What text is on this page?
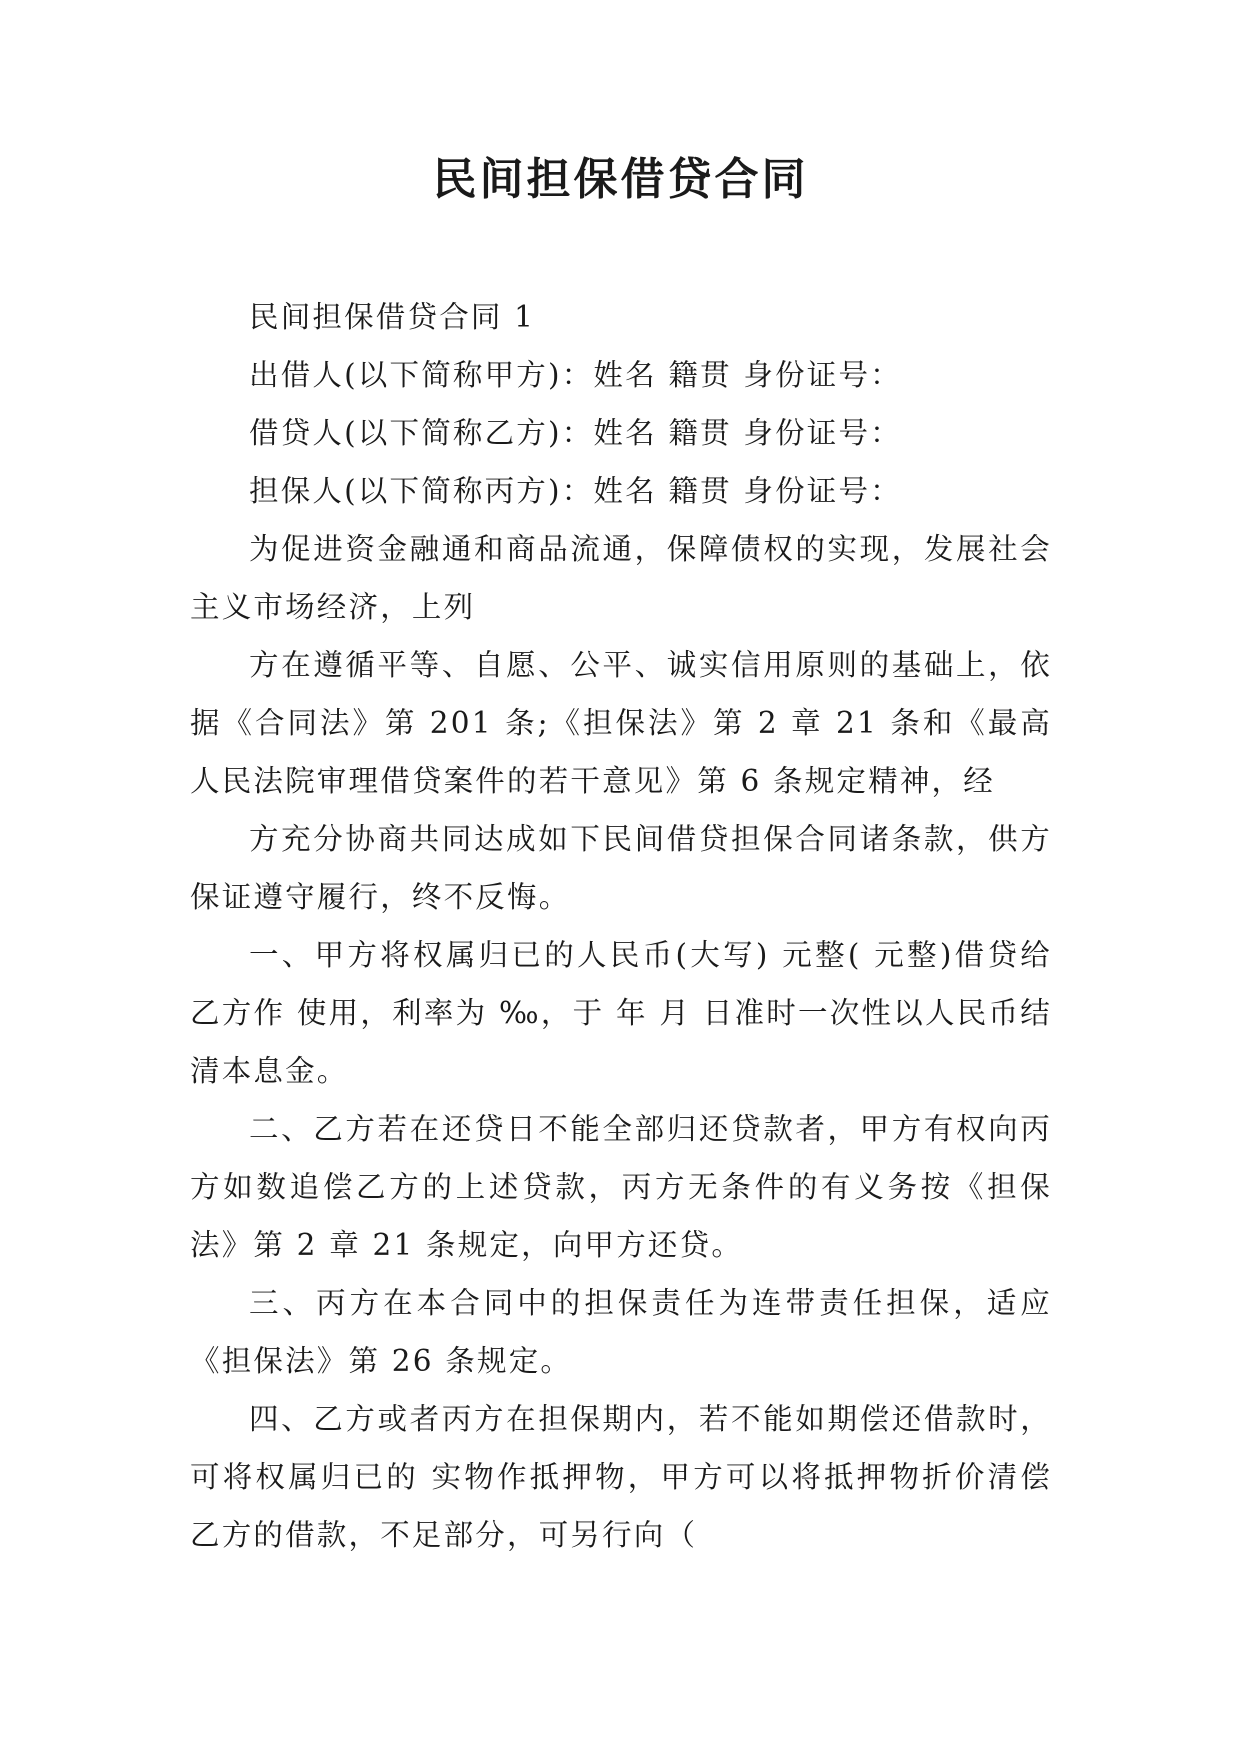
民间担保借贷合同

民间担保借贷合同 1

出借人(以下简称甲方)：姓名 籍贯 身份证号：

借贷人(以下简称乙方)：姓名 籍贯 身份证号：

担保人(以下简称丙方)：姓名 籍贯 身份证号：

为促进资金融通和商品流通，保障债权的实现，发展社会主义市场经济，上列

方在遵循平等、自愿、公平、诚实信用原则的基础上，依据《合同法》第 201 条;《担保法》第 2 章 21 条和《最高人民法院审理借贷案件的若干意见》第 6 条规定精神，经

方充分协商共同达成如下民间借贷担保合同诸条款，供方保证遵守履行，终不反悔。

一、甲方将权属归已的人民币(大写) 元整( 元整)借贷给乙方作 使用，利率为 ‰，于 年 月 日准时一次性以人民币结清本息金。

二、乙方若在还贷日不能全部归还贷款者，甲方有权向丙方如数追偿乙方的上述贷款，丙方无条件的有义务按《担保法》第 2 章 21 条规定，向甲方还贷。

三、丙方在本合同中的担保责任为连带责任担保，适应《担保法》第 26 条规定。

四、乙方或者丙方在担保期内，若不能如期偿还借款时，可将权属归已的 实物作抵押物，甲方可以将抵押物折价清偿乙方的借款，不足部分，可另行向（
